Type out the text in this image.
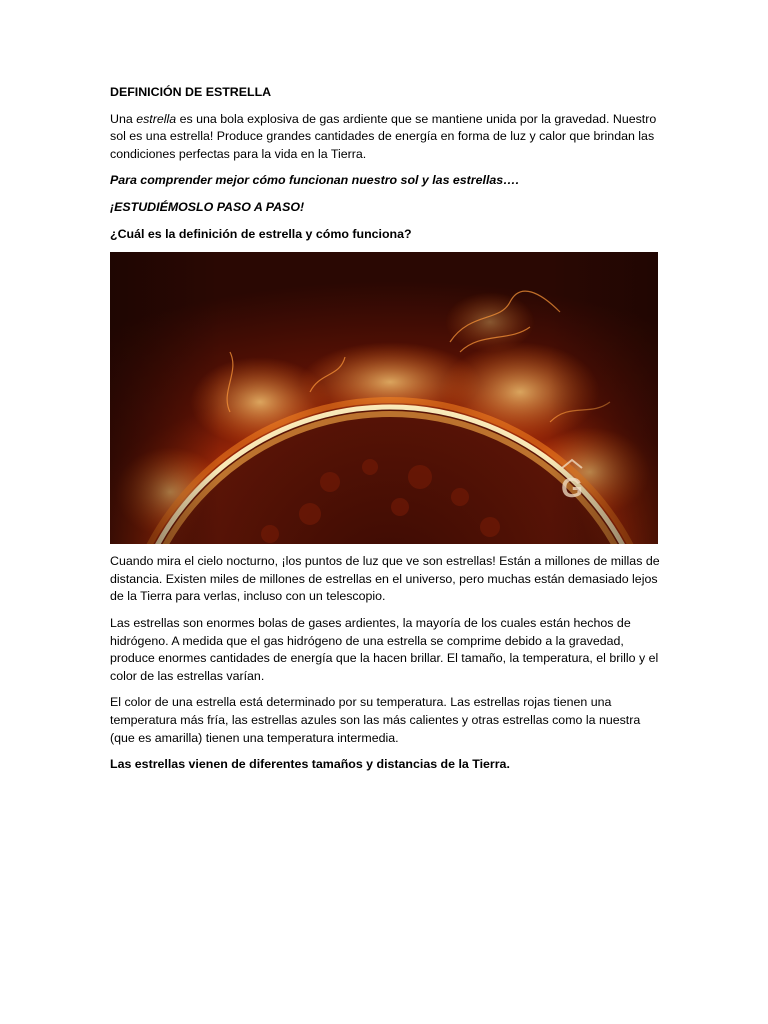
DEFINICIÓN DE ESTRELLA

Una estrella es una bola explosiva de gas ardiente que se mantiene unida por la gravedad. Nuestro sol es una estrella! Produce grandes cantidades de energía en forma de luz y calor que brindan las condiciones perfectas para la vida en la Tierra.

Para comprender mejor cómo funcionan nuestro sol y las estrellas….

¡ESTUDIÉMOSLO PASO A PASO!

¿Cuál es la definición de estrella y cómo funciona?

G

Cuando mira el cielo nocturno, ¡los puntos de luz que ve son estrellas! Están a millones de millas de distancia. Existen miles de millones de estrellas en el universo, pero muchas están demasiado lejos de la Tierra para verlas, incluso con un telescopio.

Las estrellas son enormes bolas de gases ardientes, la mayoría de los cuales están hechos de hidrógeno. A medida que el gas hidrógeno de una estrella se comprime debido a la gravedad, produce enormes cantidades de energía que la hacen brillar. El tamaño, la temperatura, el brillo y el color de las estrellas varían.

El color de una estrella está determinado por su temperatura. Las estrellas rojas tienen una temperatura más fría, las estrellas azules son las más calientes y otras estrellas como la nuestra (que es amarilla) tienen una temperatura intermedia.

Las estrellas vienen de diferentes tamaños y distancias de la Tierra.
